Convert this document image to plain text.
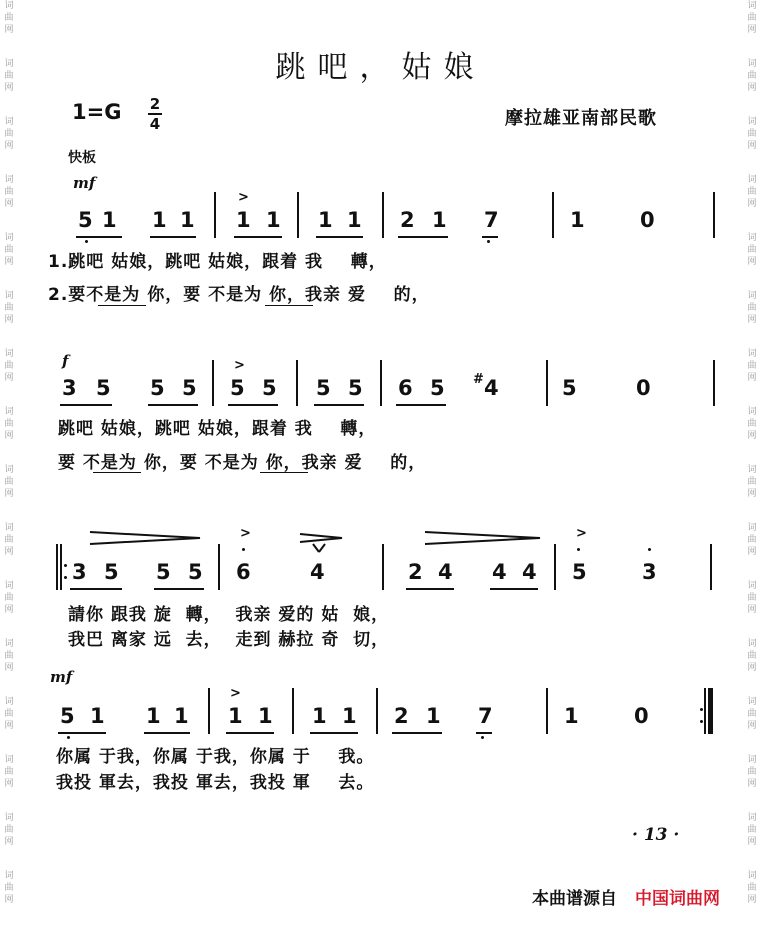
词
曲
网
词
曲
网
词
曲
网
词
曲
网
词
曲
网
词
曲
网
词
曲
网
词
曲
网
词
曲
网
词
曲
网
词
曲
网
词
曲
网
词
曲
网
词
曲
网
词
曲
网
词
曲
网
词
曲
网
词
曲
网
词
曲
网
词
曲
网
词
曲
网
词
曲
网
词
曲
网
词
曲
网
词
曲
网
词
曲
网
词
曲
网
词
曲
网
词
曲
网
词
曲
网
词
曲
网
词
曲
网
跳吧，姑娘
1=G 2
4	摩拉雄亚南部民歌
快板
mf
f
mf
5 1 1 1 1 1 1 1 2 1 7	1	0
>
1.跳吧 姑娘，跳吧 姑娘，跟着 我    轉，
2.要不是为 你，要 不是为 你，我亲 爱    的，
3 5 5 5 5 5 5 5 6 5 4
#	5	0
>
跳吧 姑娘，跳吧 姑娘，跟着 我    轉，
要 不是为 你，要 不是为 你，我亲 爱    的，
3 5 5 5 6	4	2 4 4 4 5	3
>	>
請你 跟我 旋  轉，  我亲 爱的 姑  娘，
我巴 离家 远  去，  走到 赫拉 奇  切，
5 1 1 1 1 1 1 1 2 1 7	1	0
>
你属 于我，你属 于我，你属 于    我。
我投 軍去，我投 軍去，我投 軍    去。
· 13 ·
本曲谱源自 中国词曲网
